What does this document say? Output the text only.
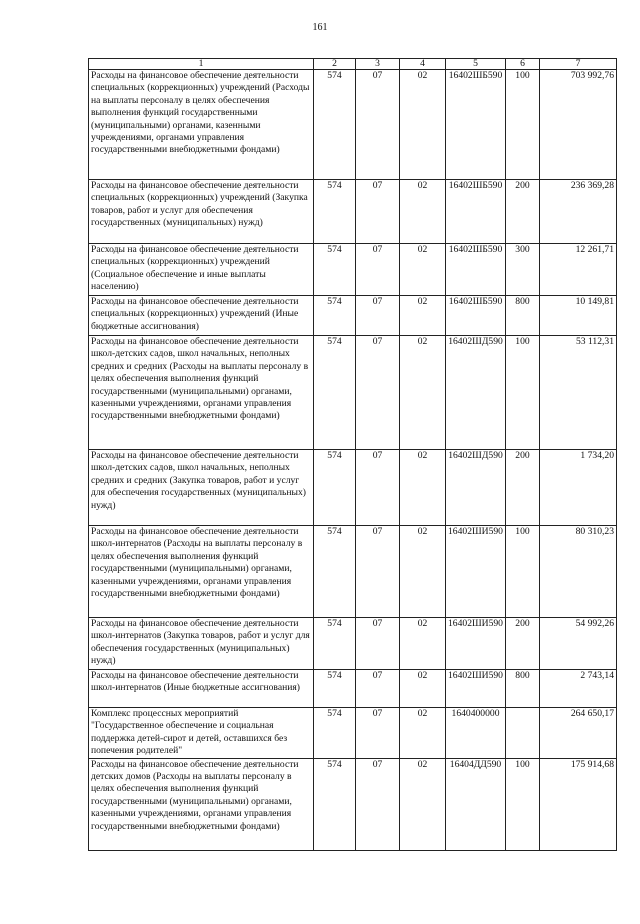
161
1	2	3	4	5	6	7
Расходы на финансовое обеспечение деятельности специальных (коррекционных) учреждений (Расходы на выплаты персоналу в целях обеспечения выполнения функций государственными (муниципальными) органами, казенными учреждениями, органами управления государственными внебюджетными фондами)	574	07	02	16402ШБ590	100	703 992,76
Расходы на финансовое обеспечение деятельности специальных (коррекционных) учреждений (Закупка товаров, работ и услуг для обеспечения государственных (муниципальных) нужд)	574	07	02	16402ШБ590	200	236 369,28
Расходы на финансовое обеспечение деятельности специальных (коррекционных) учреждений (Социальное обеспечение и иные выплаты населению)	574	07	02	16402ШБ590	300	12 261,71
Расходы на финансовое обеспечение деятельности специальных (коррекционных) учреждений (Иные бюджетные ассигнования)	574	07	02	16402ШБ590	800	10 149,81
Расходы на финансовое обеспечение деятельности школ-детских садов, школ начальных, неполных средних и средних (Расходы на выплаты персоналу в целях обеспечения выполнения функций государственными (муниципальными) органами, казенными учреждениями, органами управления государственными внебюджетными фондами)	574	07	02	16402ШД590	100	53 112,31
Расходы на финансовое обеспечение деятельности школ-детских садов, школ начальных, неполных средних и средних (Закупка товаров, работ и услуг для обеспечения государственных (муниципальных) нужд)	574	07	02	16402ШД590	200	1 734,20
Расходы на финансовое обеспечение деятельности школ-интернатов (Расходы на выплаты персоналу в целях обеспечения выполнения функций государственными (муниципальными) органами, казенными учреждениями, органами управления государственными внебюджетными фондами)	574	07	02	16402ШИ590	100	80 310,23
Расходы на финансовое обеспечение деятельности школ-интернатов (Закупка товаров, работ и услуг для обеспечения государственных (муниципальных) нужд)	574	07	02	16402ШИ590	200	54 992,26
Расходы на финансовое обеспечение деятельности школ-интернатов (Иные бюджетные ассигнования)	574	07	02	16402ШИ590	800	2 743,14
Комплекс процессных мероприятий "Государственное обеспечение и социальная поддержка детей-сирот и детей, оставшихся без попечения родителей"	574	07	02	1640400000		264 650,17
Расходы на финансовое обеспечение деятельности детских домов (Расходы на выплаты персоналу в целях обеспечения выполнения функций государственными (муниципальными) органами, казенными учреждениями, органами управления государственными внебюджетными фондами)	574	07	02	16404ДД590	100	175 914,68
